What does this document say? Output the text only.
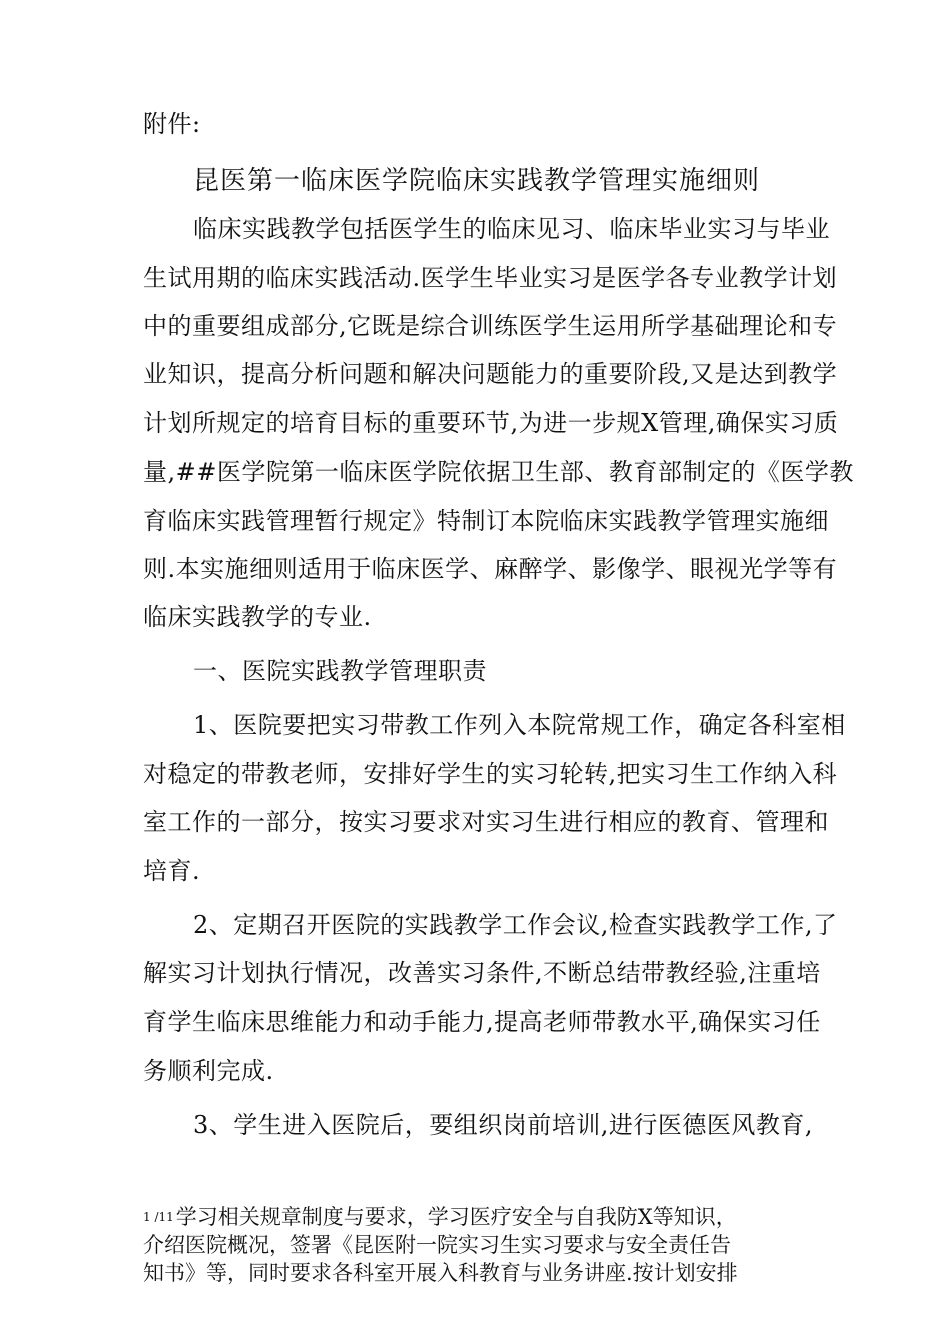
附件:
昆医第一临床医学院临床实践教学管理实施细则
临床实践教学包括医学生的临床见习、临床毕业实习与毕业
生试用期的临床实践活动.医学生毕业实习是医学各专业教学计划
中的重要组成部分,它既是综合训练医学生运用所学基础理论和专
业知识，提高分析问题和解决问题能力的重要阶段,又是达到教学
计划所规定的培育目标的重要环节,为进一步规X管理,确保实习质
量,##医学院第一临床医学院依据卫生部、教育部制定的《医学教
育临床实践管理暂行规定》特制订本院临床实践教学管理实施细
则.本实施细则适用于临床医学、麻醉学、影像学、眼视光学等有
临床实践教学的专业.
一、医院实践教学管理职责
1、医院要把实习带教工作列入本院常规工作，确定各科室相
对稳定的带教老师，安排好学生的实习轮转,把实习生工作纳入科
室工作的一部分，按实习要求对实习生进行相应的教育、管理和
培育.
2、定期召开医院的实践教学工作会议,检查实践教学工作,了
解实习计划执行情况，改善实习条件,不断总结带教经验,注重培
育学生临床思维能力和动手能力,提高老师带教水平,确保实习任
务顺利完成.
3、学生进入医院后，要组织岗前培训,进行医德医风教育,
1 /11学习相关规章制度与要求，学习医疗安全与自我防X等知识，
介绍医院概况，签署《昆医附一院实习生实习要求与安全责任告
知书》等，同时要求各科室开展入科教育与业务讲座.按计划安排
